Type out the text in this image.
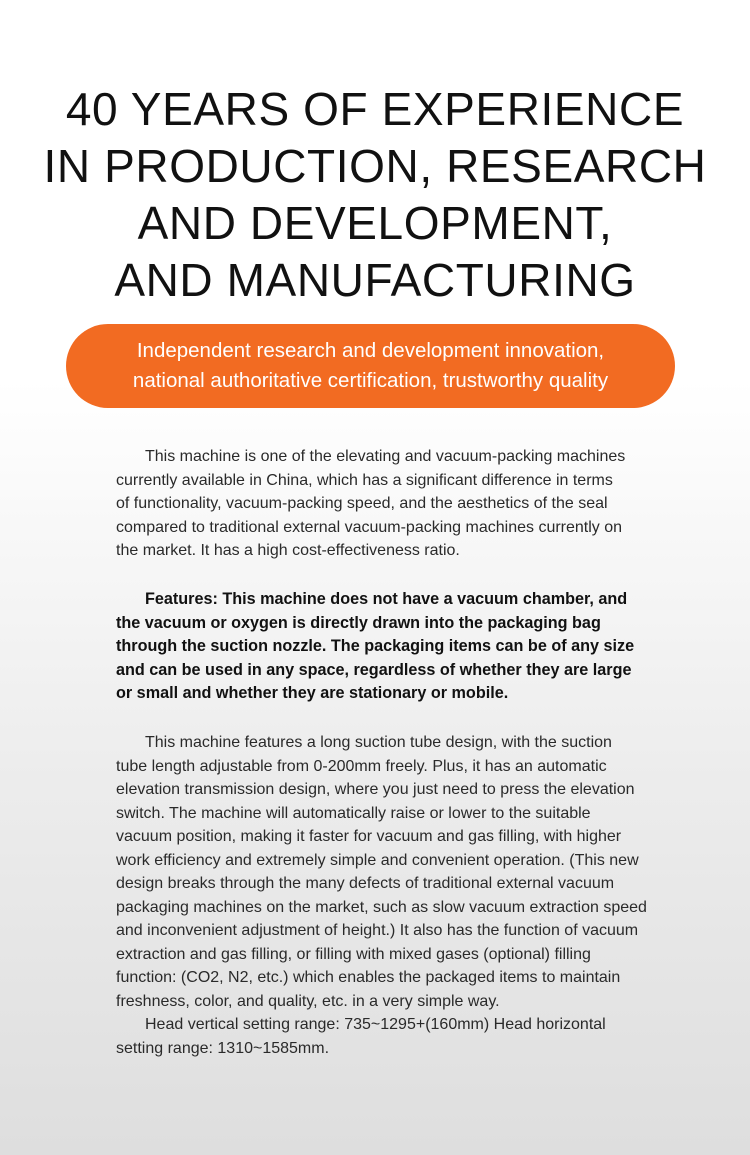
40 YEARS OF EXPERIENCE
IN PRODUCTION, RESEARCH
AND DEVELOPMENT,
AND MANUFACTURING
Independent research and development innovation,
national authoritative certification, trustworthy quality

This machine is one of the elevating and vacuum-packing machines
currently available in China, which has a significant difference in terms
of functionality, vacuum-packing speed, and the aesthetics of the seal
compared to traditional external vacuum-packing machines currently on
the market. It has a high cost-effectiveness ratio.

Features: This machine does not have a vacuum chamber, and
the vacuum or oxygen is directly drawn into the packaging bag
through the suction nozzle. The packaging items can be of any size
and can be used in any space, regardless of whether they are large
or small and whether they are stationary or mobile.

This machine features a long suction tube design, with the suction
tube length adjustable from 0-200mm freely. Plus, it has an automatic
elevation transmission design, where you just need to press the elevation
switch. The machine will automatically raise or lower to the suitable
vacuum position, making it faster for vacuum and gas filling, with higher
work efficiency and extremely simple and convenient operation. (This new
design breaks through the many defects of traditional external vacuum
packaging machines on the market, such as slow vacuum extraction speed
and inconvenient adjustment of height.) It also has the function of vacuum
extraction and gas filling, or filling with mixed gases (optional) filling
function: (CO2, N2, etc.) which enables the packaged items to maintain
freshness, color, and quality, etc. in a very simple way.
Head vertical setting range: 735~1295+(160mm) Head horizontal
setting range: 1310~1585mm.
